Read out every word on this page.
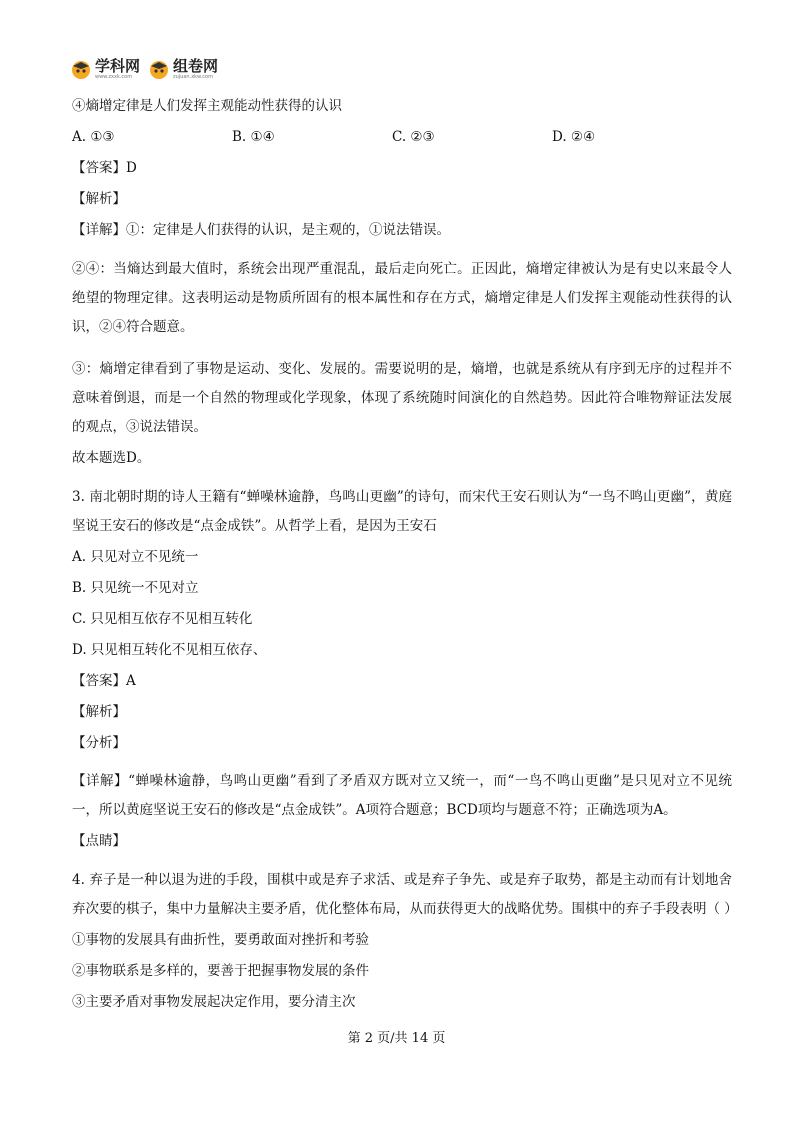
学科网
www.zxxk.com
组卷网
zujuan.xkw.com

④熵增定律是人们发挥主观能动性获得的认识

A. ①③	B. ①④	C. ②③	D. ②④

【答案】D

【解析】

【详解】①：定律是人们获得的认识，是主观的，①说法错误。

②④：当熵达到最大值时，系统会出现严重混乱，最后走向死亡。正因此，熵增定律被认为是有史以来最令人绝望的物理定律。这表明运动是物质所固有的根本属性和存在方式，熵增定律是人们发挥主观能动性获得的认识，②④符合题意。

③：熵增定律看到了事物是运动、变化、发展的。需要说明的是，熵增，也就是系统从有序到无序的过程并不意味着倒退，而是一个自然的物理或化学现象，体现了系统随时间演化的自然趋势。因此符合唯物辩证法发展的观点，③说法错误。

故本题选D。

3. 南北朝时期的诗人王籍有“蝉噪林逾静，鸟鸣山更幽”的诗句，而宋代王安石则认为“一鸟不鸣山更幽”，黄庭坚说王安石的修改是“点金成铁”。从哲学上看，是因为王安石

A. 只见对立不见统一

B. 只见统一不见对立

C. 只见相互依存不见相互转化

D. 只见相互转化不见相互依存、

【答案】A

【解析】

【分析】

【详解】“蝉噪林逾静，鸟鸣山更幽”看到了矛盾双方既对立又统一，而“一鸟不鸣山更幽”是只见对立不见统一，所以黄庭坚说王安石的修改是“点金成铁”。A项符合题意；BCD项均与题意不符；正确选项为A。

【点睛】

4. 弃子是一种以退为进的手段，围棋中或是弃子求活、或是弃子争先、或是弃子取势，都是主动而有计划地舍弃次要的棋子，集中力量解决主要矛盾，优化整体布局，从而获得更大的战略优势。围棋中的弃子手段表明（ ）

①事物的发展具有曲折性，要勇敢面对挫折和考验

②事物联系是多样的，要善于把握事物发展的条件

③主要矛盾对事物发展起决定作用，要分清主次

第 2 页/共 14 页
